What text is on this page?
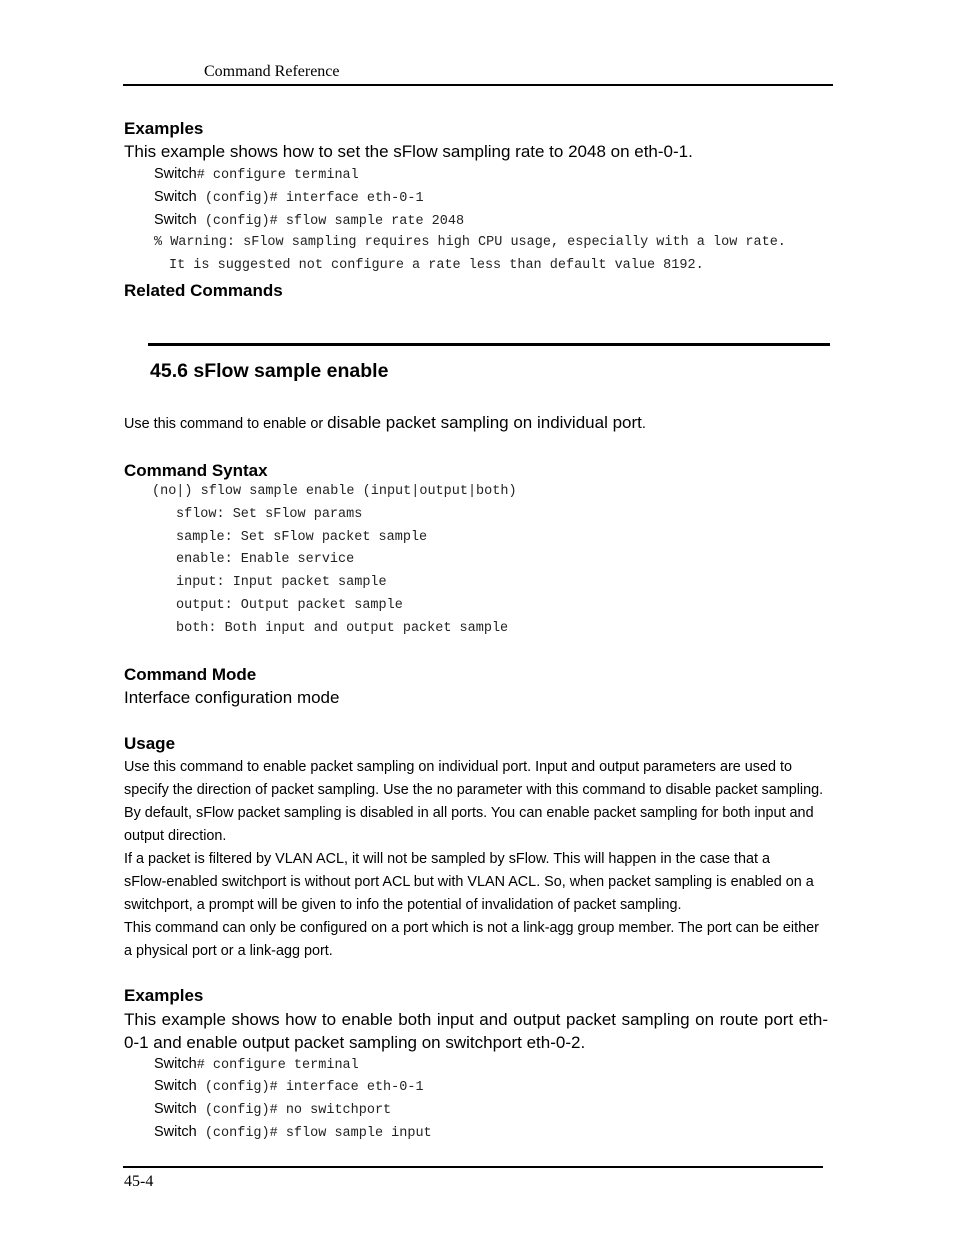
Command Reference
Examples
This example shows how to set the sFlow sampling rate to 2048 on eth-0-1.
Switch# configure terminal
Switch (config)# interface eth-0-1
Switch (config)# sflow sample rate 2048
% Warning: sFlow sampling requires high CPU usage, especially with a low rate.
It is suggested not configure a rate less than default value 8192.
Related Commands
45.6 sFlow sample enable
Use this command to enable or disable packet sampling on individual port.
Command Syntax
(no|) sflow sample enable (input|output|both)
sflow: Set sFlow params
sample: Set sFlow packet sample
enable: Enable service
input: Input packet sample
output: Output packet sample
both: Both input and output packet sample
Command Mode
Interface configuration mode
Usage
Use this command to enable packet sampling on individual port. Input and output parameters are used to
specify the direction of packet sampling. Use the no parameter with this command to disable packet sampling.
By default, sFlow packet sampling is disabled in all ports. You can enable packet sampling for both input and
output direction.
If a packet is filtered by VLAN ACL, it will not be sampled by sFlow. This will happen in the case that a
sFlow-enabled switchport is without port ACL but with VLAN ACL. So, when packet sampling is enabled on a
switchport, a prompt will be given to info the potential of invalidation of packet sampling.
This command can only be configured on a port which is not a link-agg group member. The port can be either
a physical port or a link-agg port.
Examples
This example shows how to enable both input and output packet sampling on route port eth-0-1 and enable output packet sampling on switchport eth-0-2.
Switch# configure terminal
Switch (config)# interface eth-0-1
Switch (config)# no switchport
Switch (config)# sflow sample input
45-4
